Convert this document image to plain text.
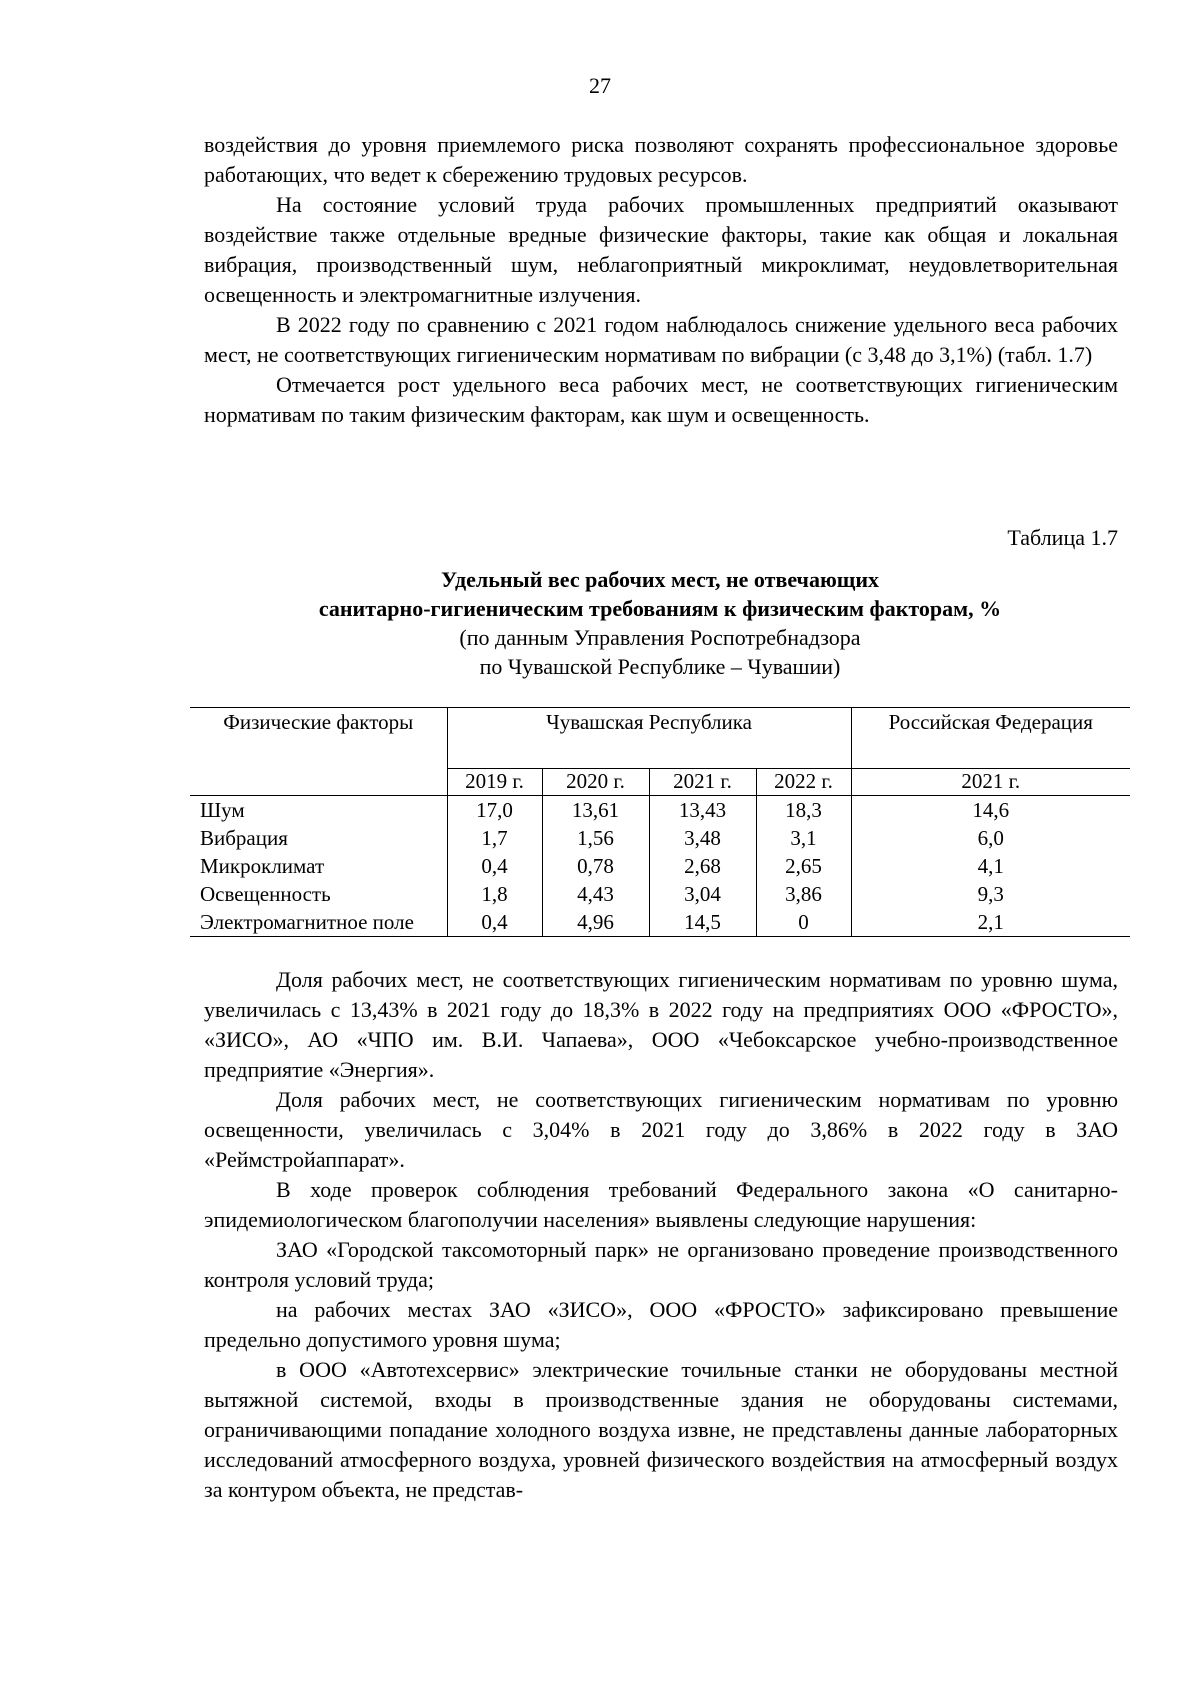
27

воздействия до уровня приемлемого риска позволяют сохранять профессиональное здоровье работающих, что ведет к сбережению трудовых ресурсов.

На состояние условий труда рабочих промышленных предприятий оказывают воздействие также отдельные вредные физические факторы, такие как общая и локальная вибрация, производственный шум, неблагоприятный микроклимат, неудовлетворительная освещенность и электромагнитные излучения.

В 2022 году по сравнению с 2021 годом наблюдалось снижение удельного веса рабочих мест, не соответствующих гигиеническим нормативам по вибрации (с 3,48 до 3,1%) (табл. 1.7)

Отмечается рост удельного веса рабочих мест, не соответствующих гигиеническим нормативам по таким физическим факторам, как шум и освещенность.

Таблица 1.7
Удельный вес рабочих мест, не отвечающих
санитарно-гигиеническим требованиям к физическим факторам, %
(по данным Управления Роспотребнадзора
по Чувашской Республике – Чувашии)
Физические факторы	Чувашская Республика				Российская Федерация
	2019 г.	2020 г.	2021 г.	2022 г.	2021 г.
Шум	17,0	13,61	13,43	18,3	14,6
Вибрация	1,7	1,56	3,48	3,1	6,0
Микроклимат	0,4	0,78	2,68	2,65	4,1
Освещенность	1,8	4,43	3,04	3,86	9,3
Электромагнитное поле	0,4	4,96	14,5	0	2,1

Доля рабочих мест, не соответствующих гигиеническим нормативам по уровню шума, увеличилась с 13,43% в 2021 году до 18,3% в 2022 году на предприятиях ООО «ФРОСТО», «ЗИСО», АО «ЧПО им. В.И. Чапаева», ООО «Чебоксарское учебно-производственное предприятие «Энергия».

Доля рабочих мест, не соответствующих гигиеническим нормативам по уровню освещенности, увеличилась с 3,04% в 2021 году до 3,86% в 2022 году в ЗАО «Реймстройаппарат».

В ходе проверок соблюдения требований Федерального закона «О санитарно-эпидемиологическом благополучии населения» выявлены следующие нарушения:

ЗАО «Городской таксомоторный парк» не организовано проведение производственного контроля условий труда;

на рабочих местах ЗАО «ЗИСО», ООО «ФРОСТО» зафиксировано превышение предельно допустимого уровня шума;

в ООО «Автотехсервис» электрические точильные станки не оборудованы местной вытяжной системой, входы в производственные здания не оборудованы системами, ограничивающими попадание холодного воздуха извне, не представлены данные лабораторных исследований атмосферного воздуха, уровней физического воздействия на атмосферный воздух за контуром объекта, не представ-
